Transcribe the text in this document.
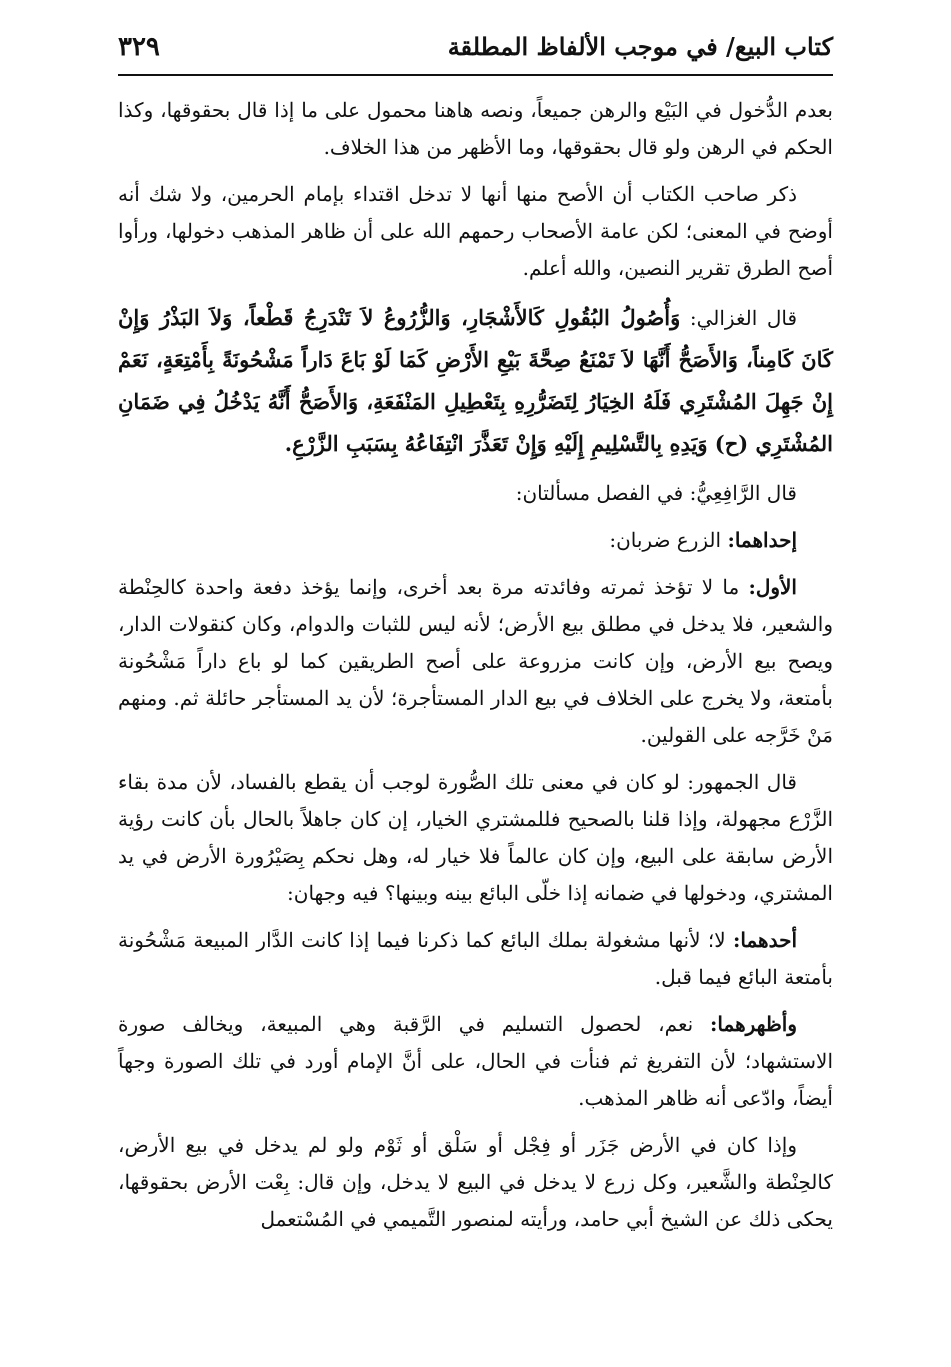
كتاب البيع/ في موجب الألفاظ المطلقة
٣٢٩

بعدم الدُّخول في البَيْع والرهن جميعاً، ونصه هاهنا محمول على ما إذا قال بحقوقها، وكذا الحكم في الرهن ولو قال بحقوقها، وما الأظهر من هذا الخلاف.

ذكر صاحب الكتاب أن الأصح منها أنها لا تدخل اقتداء بإمام الحرمين، ولا شك أنه أوضح في المعنى؛ لكن عامة الأصحاب رحمهم الله على أن ظاهر المذهب دخولها، ورأوا أصح الطرق تقرير النصين، والله أعلم.

قال الغزالي: وَأُصُولُ البُقُولِ كَالأَشْجَارِ، وَالزُّرُوعُ لاَ تَنْدَرِجُ قَطْعاً، وَلاَ البَذْرُ وَإِنْ كَانَ كَامِناً، وَالأَصَحُّ أَنَّهَا لاَ تَمْنَعُ صِحَّةَ بَيْعِ الأَرْضِ كَمَا لَوْ بَاعَ دَاراً مَشْحُونَةً بِأَمْتِعَةٍ، نَعَمْ إِنْ جَهِلَ المُشْتَرِي فَلَهُ الخِيَارُ لِتَضَرُّرِهِ بِتَعْطِيلِ المَنْفَعَةِ، وَالأَصَحُّ أَنَّهُ يَدْخُلُ فِي ضَمَانِ المُشْتَرِي (ح) وَيَدِهِ بِالتَّسْلِيمِ إِلَيْهِ وَإِنْ تَعَذَّرَ انْتِفَاعُهُ بِسَبَبِ الزَّرْعِ.

قال الرَّافِعِيُّ: في الفصل مسألتان:

إحداهما: الزرع ضربان:

الأول: ما لا تؤخذ ثمرته وفائدته مرة بعد أخرى، وإنما يؤخذ دفعة واحدة كالحِنْطة والشعير، فلا يدخل في مطلق بيع الأرض؛ لأنه ليس للثبات والدوام، وكان كنقولات الدار، ويصح بيع الأرض، وإن كانت مزروعة على أصح الطريقين كما لو باع داراً مَشْحُونة بأمتعة، ولا يخرج على الخلاف في بيع الدار المستأجرة؛ لأن يد المستأجر حائلة ثم. ومنهم مَنْ خَرَّجه على القولين.

قال الجمهور: لو كان في معنى تلك الصُّورة لوجب أن يقطع بالفساد، لأن مدة بقاء الزَّرْع مجهولة، وإذا قلنا بالصحيح فللمشتري الخيار، إن كان جاهلاً بالحال بأن كانت رؤية الأرض سابقة على البيع، وإن كان عالماً فلا خيار له، وهل نحكم بِصَيْرُورة الأرض في يد المشتري، ودخولها في ضمانه إذا خلّى البائع بينه وبينها؟ فيه وجهان:

أحدهما: لا؛ لأنها مشغولة بملك البائع كما ذكرنا فيما إذا كانت الدَّار المبيعة مَشْحُونة بأمتعة البائع فيما قبل.

وأظهرهما: نعم، لحصول التسليم في الرَّقبة وهي المبيعة، ويخالف صورة الاستشهاد؛ لأن التفريغ ثم فنأت في الحال، على أنَّ الإمام أورد في تلك الصورة وجهاً أيضاً، وادّعى أنه ظاهر المذهب.

وإذا كان في الأرض جَزَر أو فِجْل أو سَلْق أو ثَوْم ولو لم يدخل في بيع الأرض، كالحِنْطة والشَّعير، وكل زرع لا يدخل في البيع لا يدخل، وإن قال: بِعْت الأرض بحقوقها، يحكى ذلك عن الشيخ أبي حامد، ورأيته لمنصور التَّميمي في المُسْتعمل
